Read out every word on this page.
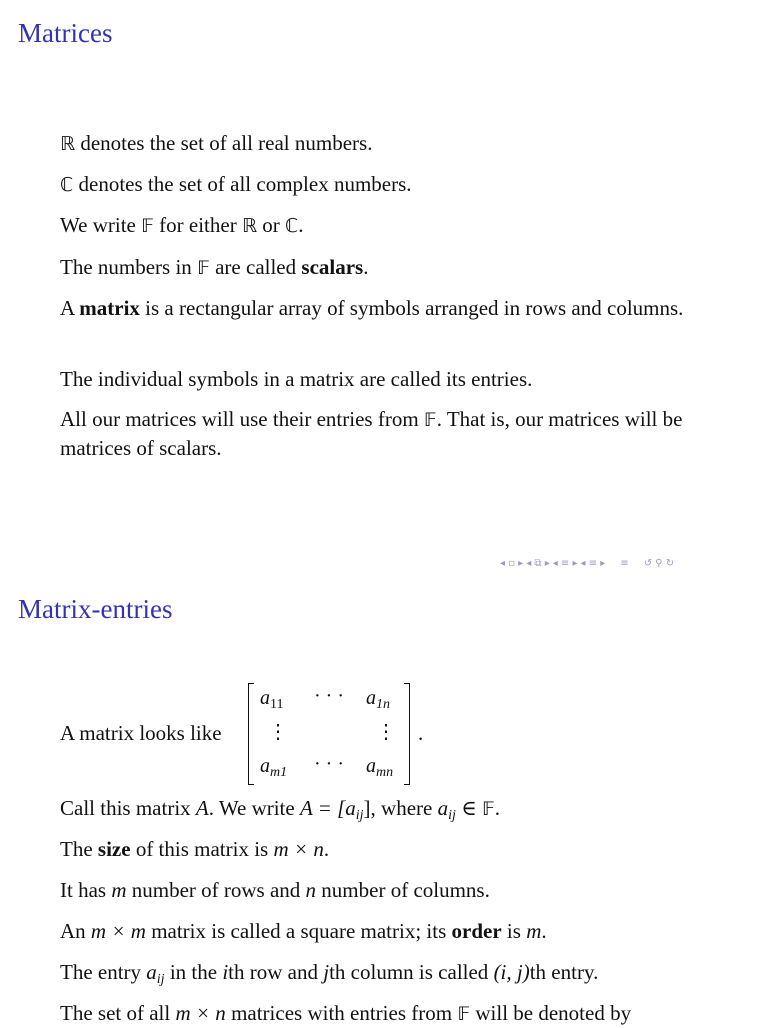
Matrices

ℝ denotes the set of all real numbers.

ℂ denotes the set of all complex numbers.

We write 𝔽 for either ℝ or ℂ.

The numbers in 𝔽 are called scalars.

A matrix is a rectangular array of symbols arranged in rows and columns.

The individual symbols in a matrix are called its entries.

All our matrices will use their entries from 𝔽. That is, our matrices will be matrices of scalars.

◂ ▫ ▸ ◂ ⧉ ▸ ◂ ≡ ▸ ◂ ≡ ▸ ≡ ↺ ⚲ ↻
Matrix-entries

A matrix looks like

$a_{11}$ · · · $a_{1n}$
⋮	⋮
$a_{m1}$ · · · $a_{mn}$
.

Call this matrix A. We write $A = [a_{ij}]$, where $a_{ij}$ ∈ 𝔽.

The size of this matrix is m × n.

It has m number of rows and n number of columns.

An m × m matrix is called a square matrix; its order is m.

The entry $a_{ij}$ in the ith row and jth column is called (i, j)th entry.

The set of all m × n matrices with entries from 𝔽 will be denoted by
